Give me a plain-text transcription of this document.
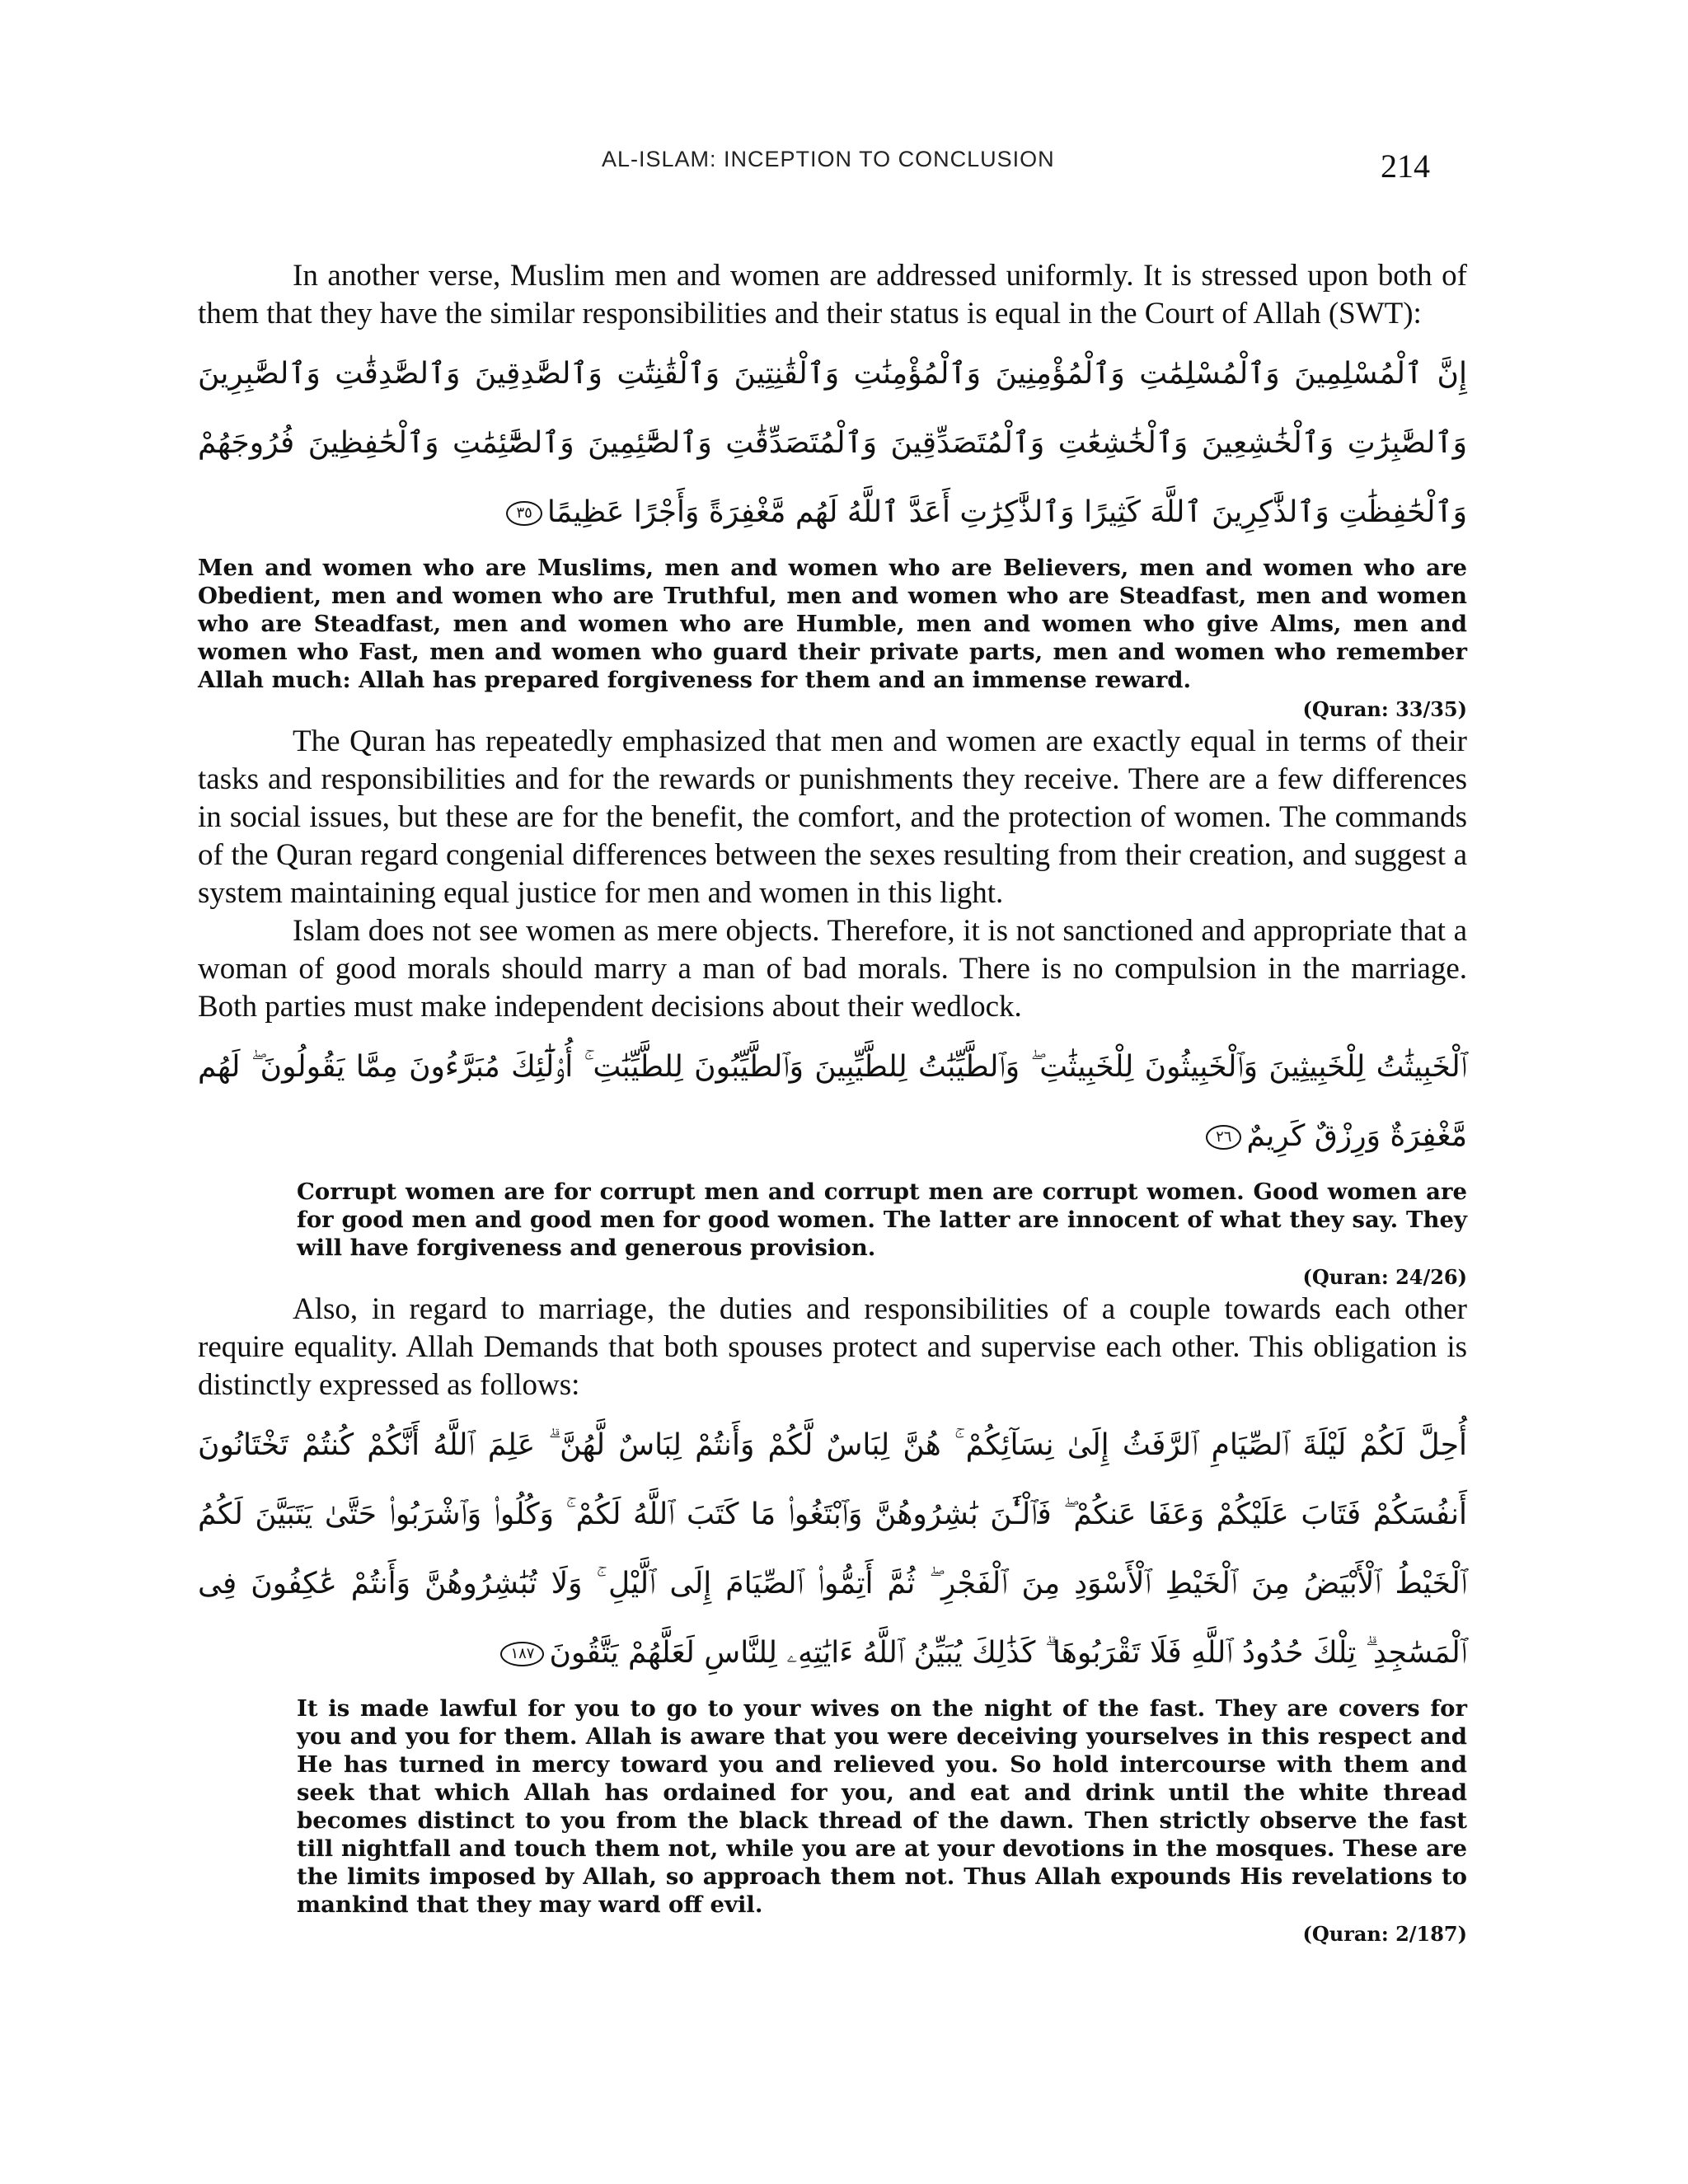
AL-ISLAM: INCEPTION TO CONCLUSION	214

In another verse, Muslim men and women are addressed uniformly. It is stressed upon both of them that they have the similar responsibilities and their status is equal in the Court of Allah (SWT):

إِنَّ ٱلْمُسْلِمِينَ وَٱلْمُسْلِمَٰتِ وَٱلْمُؤْمِنِينَ وَٱلْمُؤْمِنَٰتِ وَٱلْقَٰنِتِينَ وَٱلْقَٰنِتَٰتِ وَٱلصَّٰدِقِينَ وَٱلصَّٰدِقَٰتِ وَٱلصَّٰبِرِينَ وَٱلصَّٰبِرَٰتِ وَٱلْخَٰشِعِينَ وَٱلْخَٰشِعَٰتِ وَٱلْمُتَصَدِّقِينَ وَٱلْمُتَصَدِّقَٰتِ وَٱلصَّٰٓئِمِينَ وَٱلصَّٰٓئِمَٰتِ وَٱلْحَٰفِظِينَ فُرُوجَهُمْ وَٱلْحَٰفِظَٰتِ وَٱلذَّٰكِرِينَ ٱللَّهَ كَثِيرًا وَٱلذَّٰكِرَٰتِ أَعَدَّ ٱللَّهُ لَهُم مَّغْفِرَةً وَأَجْرًا عَظِيمًا٣٥

Men and women who are Muslims, men and women who are Believers, men and women who are Obedient, men and women who are Truthful, men and women who are Steadfast, men and women who are Steadfast, men and women who are Humble, men and women who give Alms, men and women who Fast, men and women who guard their private parts, men and women who remember Allah much: Allah has prepared forgiveness for them and an immense reward.

(Quran: 33/35)

The Quran has repeatedly emphasized that men and women are exactly equal in terms of their tasks and responsibilities and for the rewards or punishments they receive. There are a few differences in social issues, but these are for the benefit, the comfort, and the protection of women. The commands of the Quran regard congenial differences between the sexes resulting from their creation, and suggest a system maintaining equal justice for men and women in this light.

Islam does not see women as mere objects. Therefore, it is not sanctioned and appropriate that a woman of good morals should marry a man of bad morals. There is no compulsion in the marriage. Both parties must make independent decisions about their wedlock.

ٱلْخَبِيثَٰتُ لِلْخَبِيثِينَ وَٱلْخَبِيثُونَ لِلْخَبِيثَٰتِ ۖ وَٱلطَّيِّبَٰتُ لِلطَّيِّبِينَ وَٱلطَّيِّبُونَ لِلطَّيِّبَٰتِ ۚ أُو۟لَٰٓئِكَ مُبَرَّءُونَ مِمَّا يَقُولُونَ ۖ لَهُم مَّغْفِرَةٌ وَرِزْقٌ كَرِيمٌ٢٦

Corrupt women are for corrupt men and corrupt men are corrupt women. Good women are for good men and good men for good women. The latter are innocent of what they say. They will have forgiveness and generous provision.

(Quran: 24/26)

Also, in regard to marriage, the duties and responsibilities of a couple towards each other require equality. Allah Demands that both spouses protect and supervise each other. This obligation is distinctly expressed as follows:

أُحِلَّ لَكُمْ لَيْلَةَ ٱلصِّيَامِ ٱلرَّفَثُ إِلَىٰ نِسَآئِكُمْ ۚ هُنَّ لِبَاسٌ لَّكُمْ وَأَنتُمْ لِبَاسٌ لَّهُنَّ ۗ عَلِمَ ٱللَّهُ أَنَّكُمْ كُنتُمْ تَخْتَانُونَ أَنفُسَكُمْ فَتَابَ عَلَيْكُمْ وَعَفَا عَنكُمْ ۖ فَٱلْـَٰٔنَ بَٰشِرُوهُنَّ وَٱبْتَغُوا۟ مَا كَتَبَ ٱللَّهُ لَكُمْ ۚ وَكُلُوا۟ وَٱشْرَبُوا۟ حَتَّىٰ يَتَبَيَّنَ لَكُمُ ٱلْخَيْطُ ٱلْأَبْيَضُ مِنَ ٱلْخَيْطِ ٱلْأَسْوَدِ مِنَ ٱلْفَجْرِ ۖ ثُمَّ أَتِمُّوا۟ ٱلصِّيَامَ إِلَى ٱلَّيْلِ ۚ وَلَا تُبَٰشِرُوهُنَّ وَأَنتُمْ عَٰكِفُونَ فِى ٱلْمَسَٰجِدِ ۗ تِلْكَ حُدُودُ ٱللَّهِ فَلَا تَقْرَبُوهَا ۗ كَذَٰلِكَ يُبَيِّنُ ٱللَّهُ ءَايَٰتِهِۦ لِلنَّاسِ لَعَلَّهُمْ يَتَّقُونَ١٨٧

It is made lawful for you to go to your wives on the night of the fast. They are covers for you and you for them. Allah is aware that you were deceiving yourselves in this respect and He has turned in mercy toward you and relieved you. So hold intercourse with them and seek that which Allah has ordained for you, and eat and drink until the white thread becomes distinct to you from the black thread of the dawn. Then strictly observe the fast till nightfall and touch them not, while you are at your devotions in the mosques. These are the limits imposed by Allah, so approach them not. Thus Allah expounds His revelations to mankind that they may ward off evil.

(Quran: 2/187)
